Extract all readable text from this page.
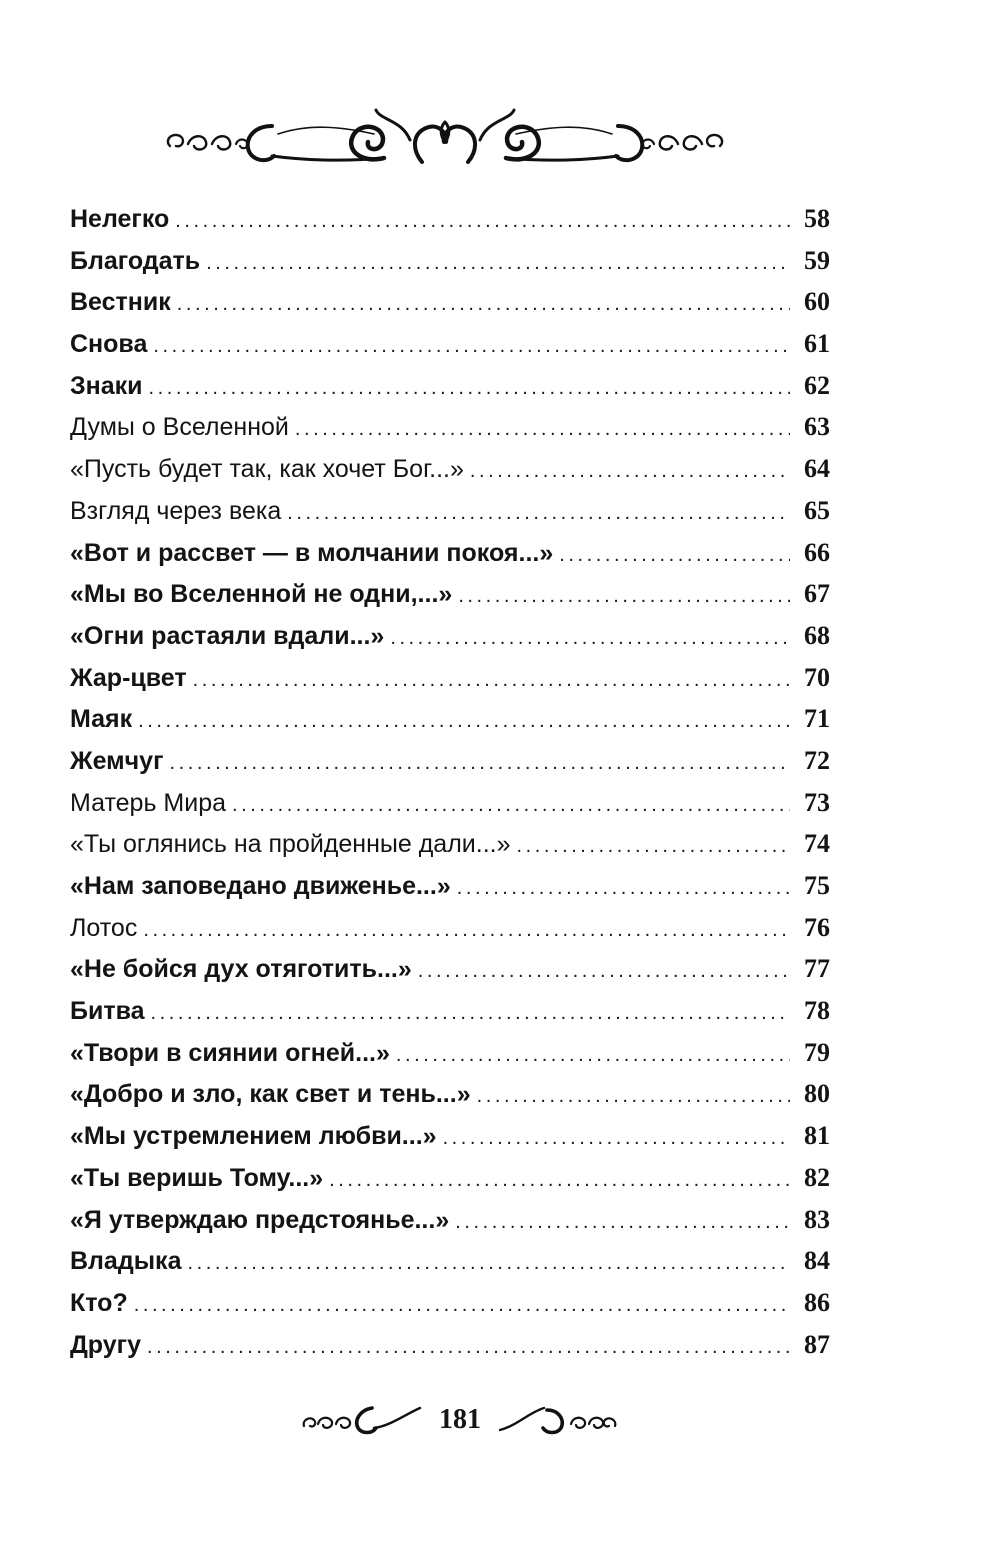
Нелегко . . .	58
Благодать . . .	59
Вестник . . .	60
Снова . . .	61
Знаки . . .	62
Думы о Вселенной . . .	63
«Пусть будет так, как хочет Бог...» . . .	64
Взгляд через века . . .	65
«Вот и рассвет — в молчании покоя...» . . .	66
«Мы во Вселенной не одни,...» . . .	67
«Огни растаяли вдали...» . . .	68
Жар-цвет . . .	70
Маяк . . .	71
Жемчуг . . .	72
Матерь Мира . . .	73
«Ты оглянись на пройденные дали...» . . .	74
«Нам заповедано движенье...» . . .	75
Лотос . . .	76
«Не бойся дух отяготить...» . . .	77
Битва . . .	78
«Твори в сиянии огней...» . . .	79
«Добро и зло, как свет и тень...» . . .	80
«Мы устремлением любви...» . . .	81
«Ты веришь Тому...» . . .	82
«Я утверждаю предстоянье...» . . .	83
Владыка . . .	84
Кто? . . .	86
Другу . . .	87
181
